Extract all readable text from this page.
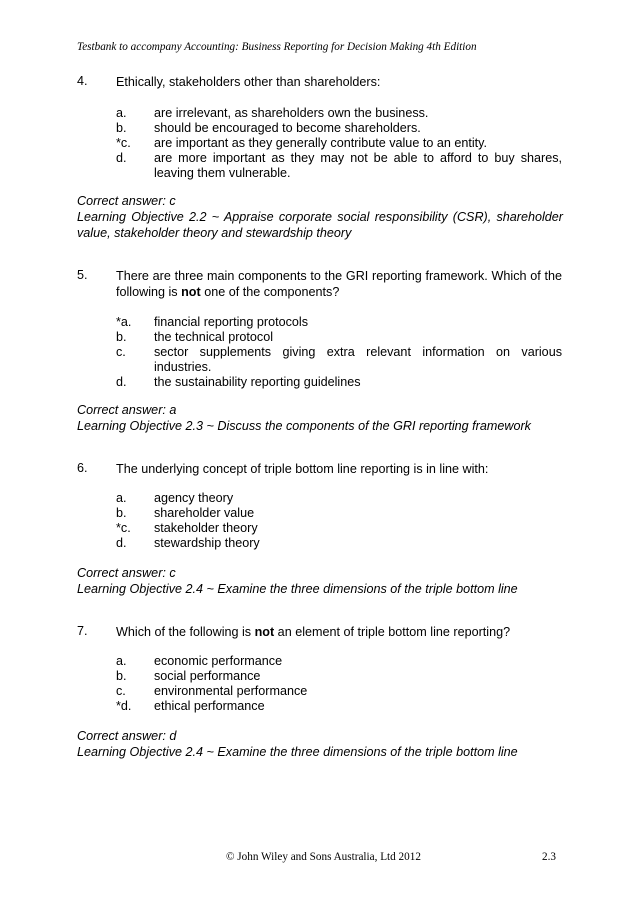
Testbank to accompany Accounting: Business Reporting for Decision Making 4th Edition
4. Ethically, stakeholders other than shareholders:
a. are irrelevant, as shareholders own the business.
b. should be encouraged to become shareholders.
*c. are important as they generally contribute value to an entity.
d. are more important as they may not be able to afford to buy shares, leaving them vulnerable.
Correct answer: c
Learning Objective 2.2 ~ Appraise corporate social responsibility (CSR), shareholder value, stakeholder theory and stewardship theory
5. There are three main components to the GRI reporting framework. Which of the following is not one of the components?
*a. financial reporting protocols
b. the technical protocol
c. sector supplements giving extra relevant information on various industries.
d. the sustainability reporting guidelines
Correct answer: a
Learning Objective 2.3 ~ Discuss the components of the GRI reporting framework
6. The underlying concept of triple bottom line reporting is in line with:
a. agency theory
b. shareholder value
*c. stakeholder theory
d. stewardship theory
Correct answer: c
Learning Objective 2.4 ~ Examine the three dimensions of the triple bottom line
7. Which of the following is not an element of triple bottom line reporting?
a. economic performance
b. social performance
c. environmental performance
*d. ethical performance
Correct answer: d
Learning Objective 2.4 ~ Examine the three dimensions of the triple bottom line
© John Wiley and Sons Australia, Ltd 2012	2.3
